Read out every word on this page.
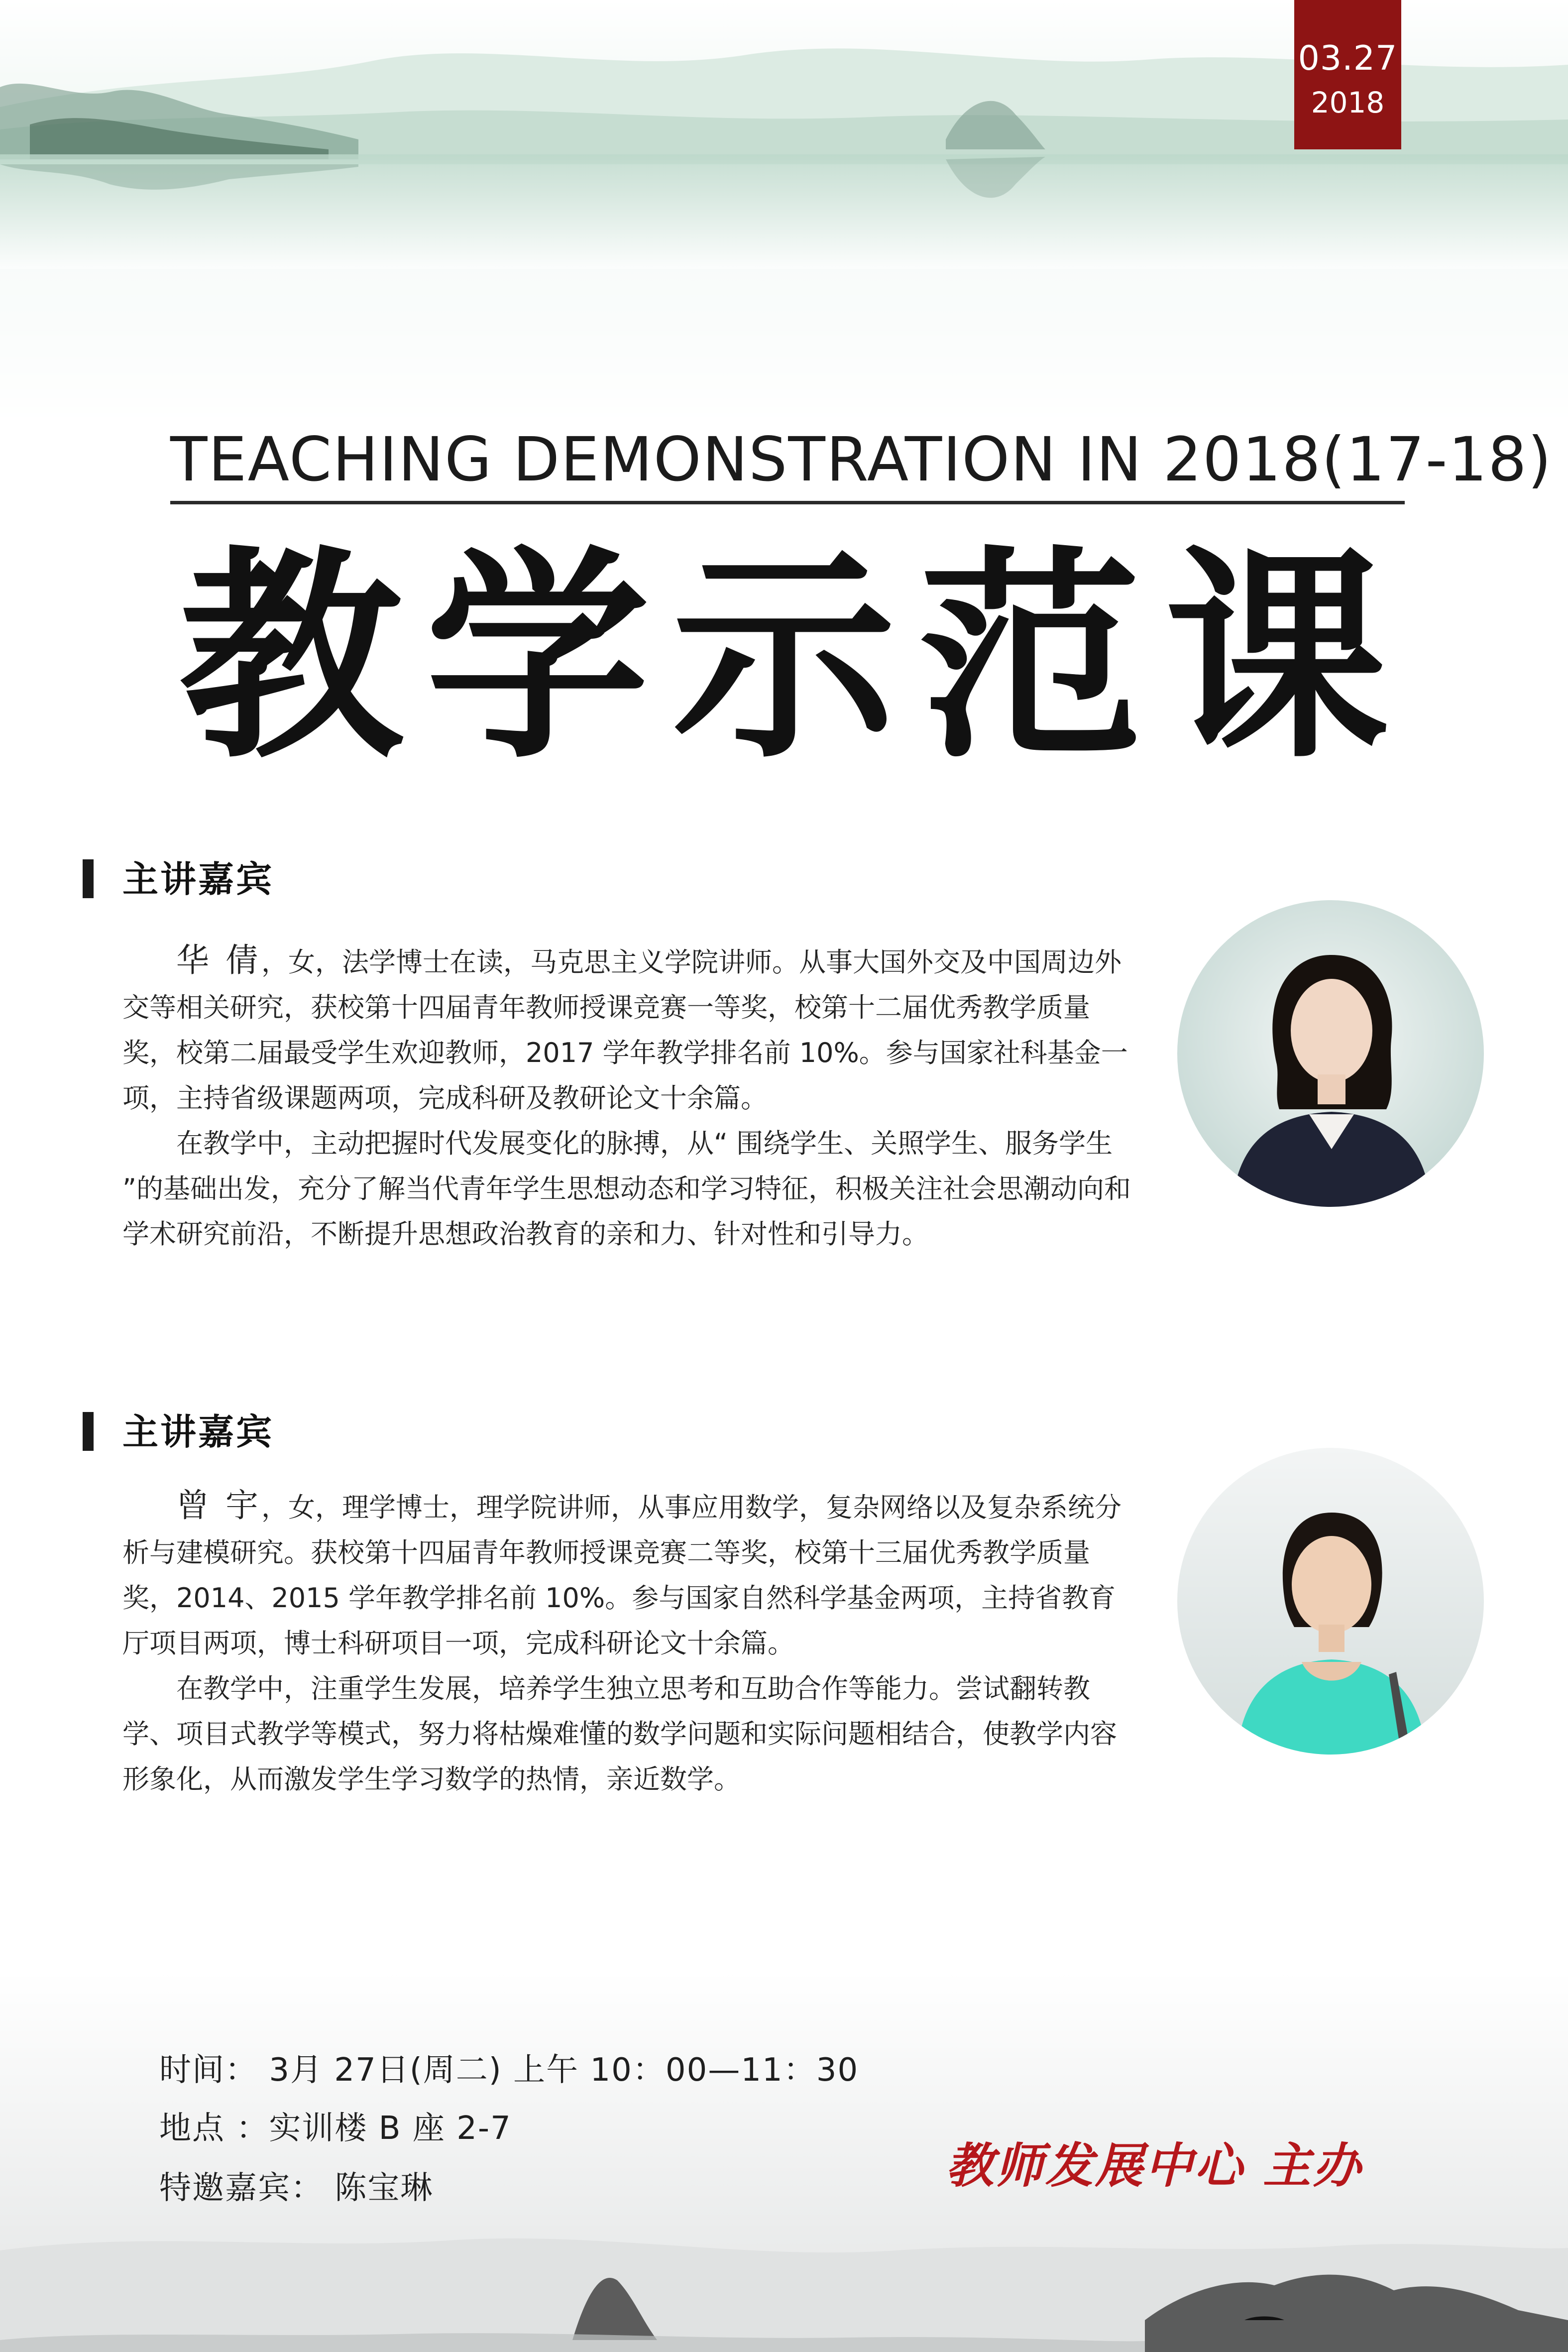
03.27
2018
TEACHING DEMONSTRATION IN 2018(17-18)
教 学 示 范 课
主讲嘉宾

华 倩，女，法学博士在读，马克思主义学院讲师。从事大国外交及中国周边外交等相关研究，获校第十四届青年教师授课竞赛一等奖，校第十二届优秀教学质量奖，校第二届最受学生欢迎教师，2017 学年教学排名前 10%。参与国家社科基金一项，主持省级课题两项，完成科研及教研论文十余篇。

在教学中，主动把握时代发展变化的脉搏，从“ 围绕学生、关照学生、服务学生 ”的基础出发，充分了解当代青年学生思想动态和学习特征，积极关注社会思潮动向和学术研究前沿，不断提升思想政治教育的亲和力、针对性和引导力。

主讲嘉宾

曾 宇，女，理学博士，理学院讲师，从事应用数学，复杂网络以及复杂系统分析与建模研究。获校第十四届青年教师授课竞赛二等奖，校第十三届优秀教学质量奖，2014、2015 学年教学排名前 10%。参与国家自然科学基金两项，主持省教育厅项目两项，博士科研项目一项，完成科研论文十余篇。

在教学中，注重学生发展，培养学生独立思考和互助合作等能力。尝试翻转教学、项目式教学等模式，努力将枯燥难懂的数学问题和实际问题相结合，使教学内容形象化，从而激发学生学习数学的热情，亲近数学。

时间： 3月 27日(周二) 上午 10：00—11：30
地点 ：实训楼 B 座 2-7
特邀嘉宾： 陈宝琳	教师发展中心 主办
